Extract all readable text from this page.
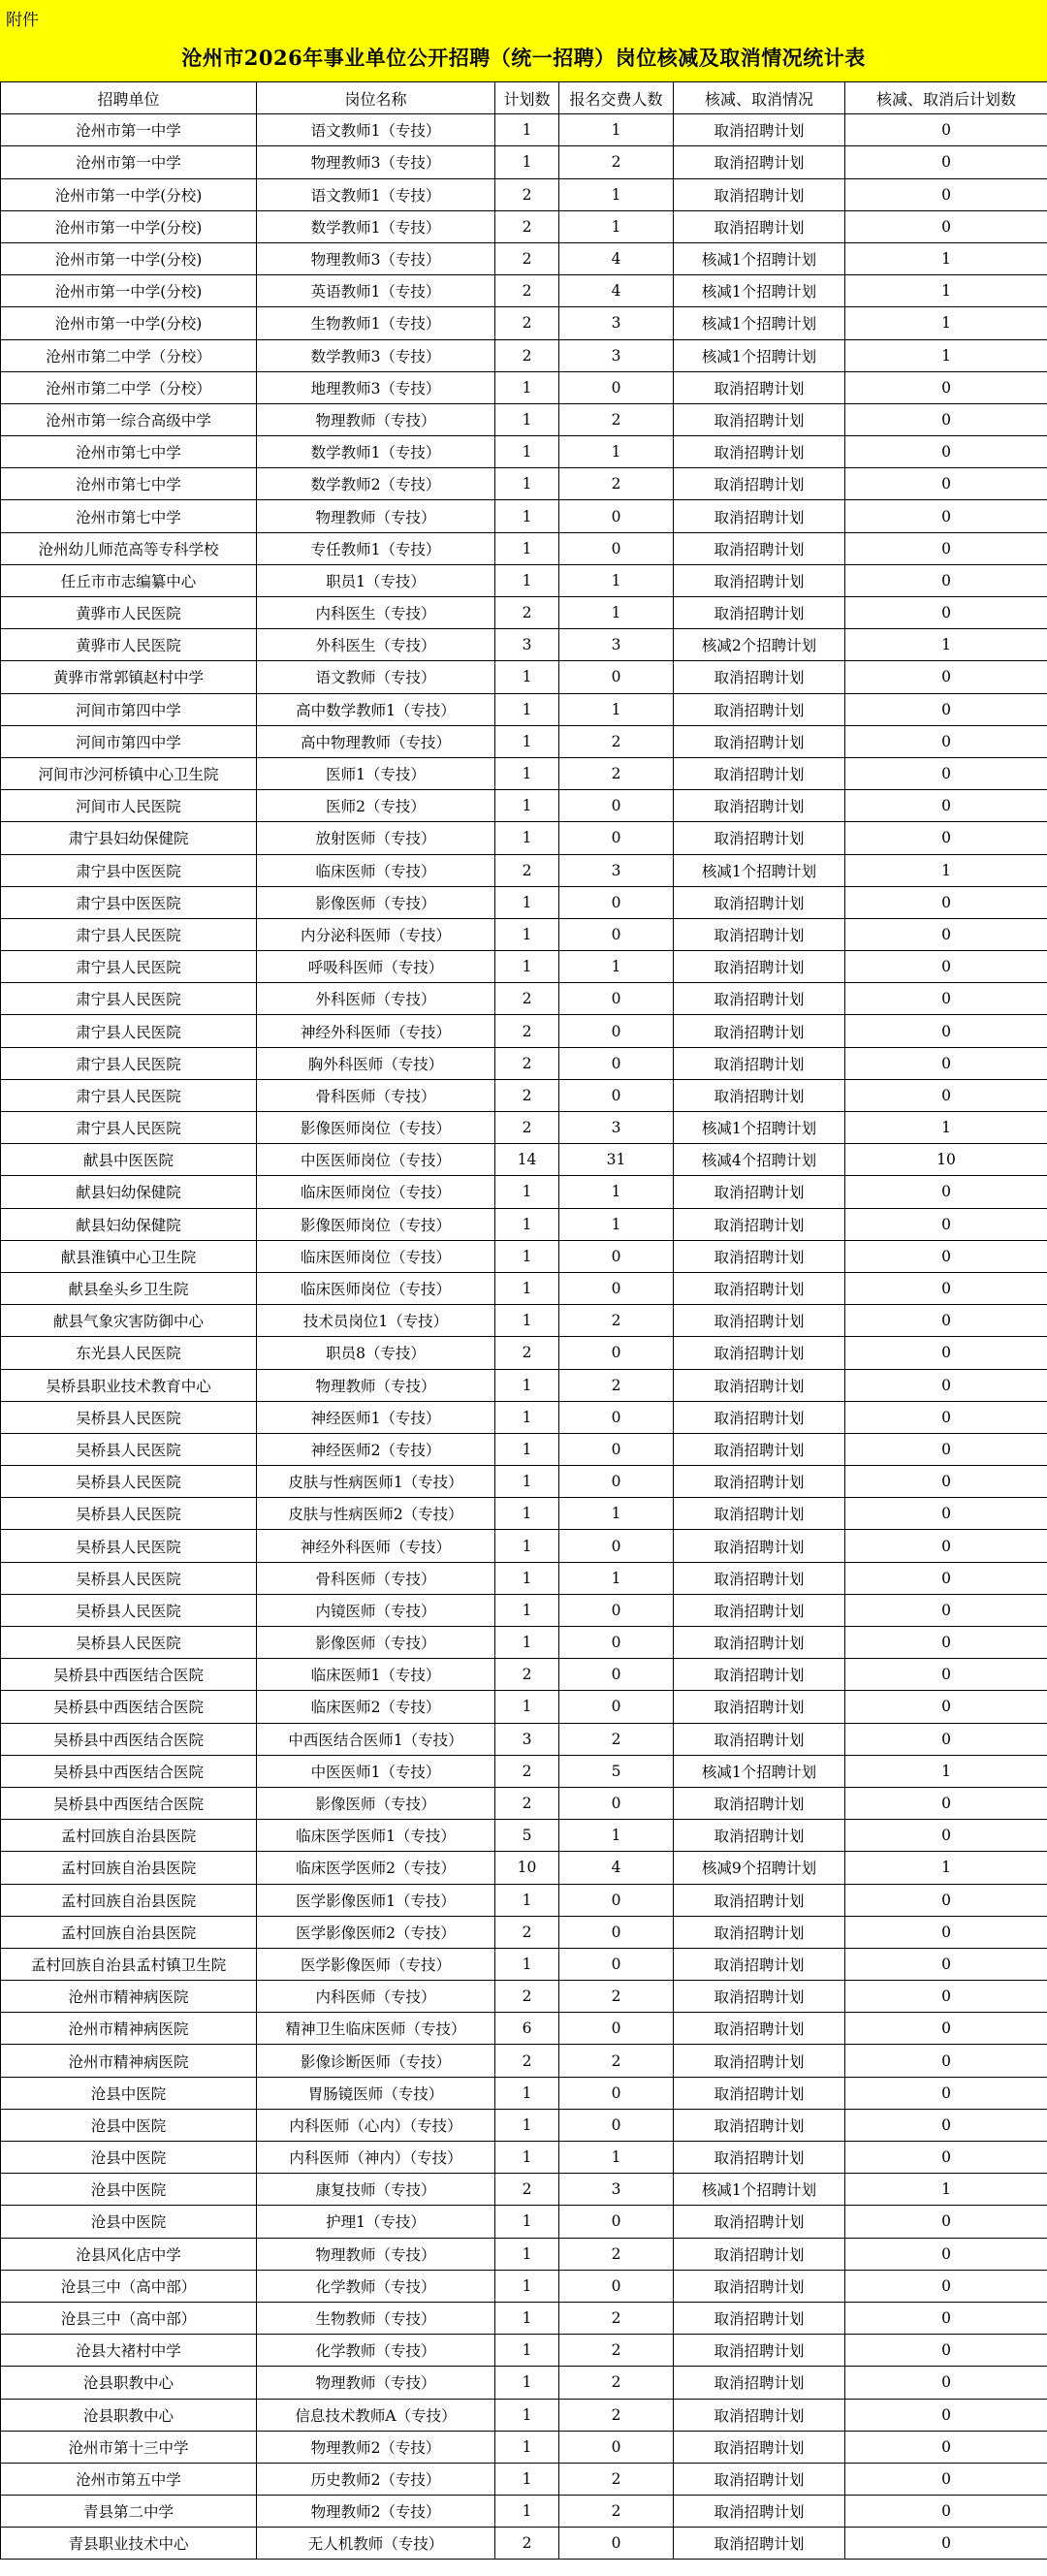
附件
沧州市2026年事业单位公开招聘（统一招聘）岗位核减及取消情况统计表
招聘单位	岗位名称	计划数	报名交费人数	核减、取消情况	核减、取消后计划数
沧州市第一中学	语文教师1（专技）	1	1	取消招聘计划	0
沧州市第一中学	物理教师3（专技）	1	2	取消招聘计划	0
沧州市第一中学(分校)	语文教师1（专技）	2	1	取消招聘计划	0
沧州市第一中学(分校)	数学教师1（专技）	2	1	取消招聘计划	0
沧州市第一中学(分校)	物理教师3（专技）	2	4	核减1个招聘计划	1
沧州市第一中学(分校)	英语教师1（专技）	2	4	核减1个招聘计划	1
沧州市第一中学(分校)	生物教师1（专技）	2	3	核减1个招聘计划	1
沧州市第二中学（分校）	数学教师3（专技）	2	3	核减1个招聘计划	1
沧州市第二中学（分校）	地理教师3（专技）	1	0	取消招聘计划	0
沧州市第一综合高级中学	物理教师（专技）	1	2	取消招聘计划	0
沧州市第七中学	数学教师1（专技）	1	1	取消招聘计划	0
沧州市第七中学	数学教师2（专技）	1	2	取消招聘计划	0
沧州市第七中学	物理教师（专技）	1	0	取消招聘计划	0
沧州幼儿师范高等专科学校	专任教师1（专技）	1	0	取消招聘计划	0
任丘市市志编纂中心	职员1（专技）	1	1	取消招聘计划	0
黄骅市人民医院	内科医生（专技）	2	1	取消招聘计划	0
黄骅市人民医院	外科医生（专技）	3	3	核减2个招聘计划	1
黄骅市常郭镇赵村中学	语文教师（专技）	1	0	取消招聘计划	0
河间市第四中学	高中数学教师1（专技）	1	1	取消招聘计划	0
河间市第四中学	高中物理教师（专技）	1	2	取消招聘计划	0
河间市沙河桥镇中心卫生院	医师1（专技）	1	2	取消招聘计划	0
河间市人民医院	医师2（专技）	1	0	取消招聘计划	0
肃宁县妇幼保健院	放射医师（专技）	1	0	取消招聘计划	0
肃宁县中医医院	临床医师（专技）	2	3	核减1个招聘计划	1
肃宁县中医医院	影像医师（专技）	1	0	取消招聘计划	0
肃宁县人民医院	内分泌科医师（专技）	1	0	取消招聘计划	0
肃宁县人民医院	呼吸科医师（专技）	1	1	取消招聘计划	0
肃宁县人民医院	外科医师（专技）	2	0	取消招聘计划	0
肃宁县人民医院	神经外科医师（专技）	2	0	取消招聘计划	0
肃宁县人民医院	胸外科医师（专技）	2	0	取消招聘计划	0
肃宁县人民医院	骨科医师（专技）	2	0	取消招聘计划	0
肃宁县人民医院	影像医师岗位（专技）	2	3	核减1个招聘计划	1
献县中医医院	中医医师岗位（专技）	14	31	核减4个招聘计划	10
献县妇幼保健院	临床医师岗位（专技）	1	1	取消招聘计划	0
献县妇幼保健院	影像医师岗位（专技）	1	1	取消招聘计划	0
献县淮镇中心卫生院	临床医师岗位（专技）	1	0	取消招聘计划	0
献县垒头乡卫生院	临床医师岗位（专技）	1	0	取消招聘计划	0
献县气象灾害防御中心	技术员岗位1（专技）	1	2	取消招聘计划	0
东光县人民医院	职员8（专技）	2	0	取消招聘计划	0
吴桥县职业技术教育中心	物理教师（专技）	1	2	取消招聘计划	0
吴桥县人民医院	神经医师1（专技）	1	0	取消招聘计划	0
吴桥县人民医院	神经医师2（专技）	1	0	取消招聘计划	0
吴桥县人民医院	皮肤与性病医师1（专技）	1	0	取消招聘计划	0
吴桥县人民医院	皮肤与性病医师2（专技）	1	1	取消招聘计划	0
吴桥县人民医院	神经外科医师（专技）	1	0	取消招聘计划	0
吴桥县人民医院	骨科医师（专技）	1	1	取消招聘计划	0
吴桥县人民医院	内镜医师（专技）	1	0	取消招聘计划	0
吴桥县人民医院	影像医师（专技）	1	0	取消招聘计划	0
吴桥县中西医结合医院	临床医师1（专技）	2	0	取消招聘计划	0
吴桥县中西医结合医院	临床医师2（专技）	1	0	取消招聘计划	0
吴桥县中西医结合医院	中西医结合医师1（专技）	3	2	取消招聘计划	0
吴桥县中西医结合医院	中医医师1（专技）	2	5	核减1个招聘计划	1
吴桥县中西医结合医院	影像医师（专技）	2	0	取消招聘计划	0
孟村回族自治县医院	临床医学医师1（专技）	5	1	取消招聘计划	0
孟村回族自治县医院	临床医学医师2（专技）	10	4	核减9个招聘计划	1
孟村回族自治县医院	医学影像医师1（专技）	1	0	取消招聘计划	0
孟村回族自治县医院	医学影像医师2（专技）	2	0	取消招聘计划	0
孟村回族自治县孟村镇卫生院	医学影像医师（专技）	1	0	取消招聘计划	0
沧州市精神病医院	内科医师（专技）	2	2	取消招聘计划	0
沧州市精神病医院	精神卫生临床医师（专技）	6	0	取消招聘计划	0
沧州市精神病医院	影像诊断医师（专技）	2	2	取消招聘计划	0
沧县中医院	胃肠镜医师（专技）	1	0	取消招聘计划	0
沧县中医院	内科医师（心内）（专技）	1	0	取消招聘计划	0
沧县中医院	内科医师（神内）（专技）	1	1	取消招聘计划	0
沧县中医院	康复技师（专技）	2	3	核减1个招聘计划	1
沧县中医院	护理1（专技）	1	0	取消招聘计划	0
沧县风化店中学	物理教师（专技）	1	2	取消招聘计划	0
沧县三中（高中部）	化学教师（专技）	1	0	取消招聘计划	0
沧县三中（高中部）	生物教师（专技）	1	2	取消招聘计划	0
沧县大褚村中学	化学教师（专技）	1	2	取消招聘计划	0
沧县职教中心	物理教师（专技）	1	2	取消招聘计划	0
沧县职教中心	信息技术教师A（专技）	1	2	取消招聘计划	0
沧州市第十三中学	物理教师2（专技）	1	0	取消招聘计划	0
沧州市第五中学	历史教师2（专技）	1	2	取消招聘计划	0
青县第二中学	物理教师2（专技）	1	2	取消招聘计划	0
青县职业技术中心	无人机教师（专技）	2	0	取消招聘计划	0
